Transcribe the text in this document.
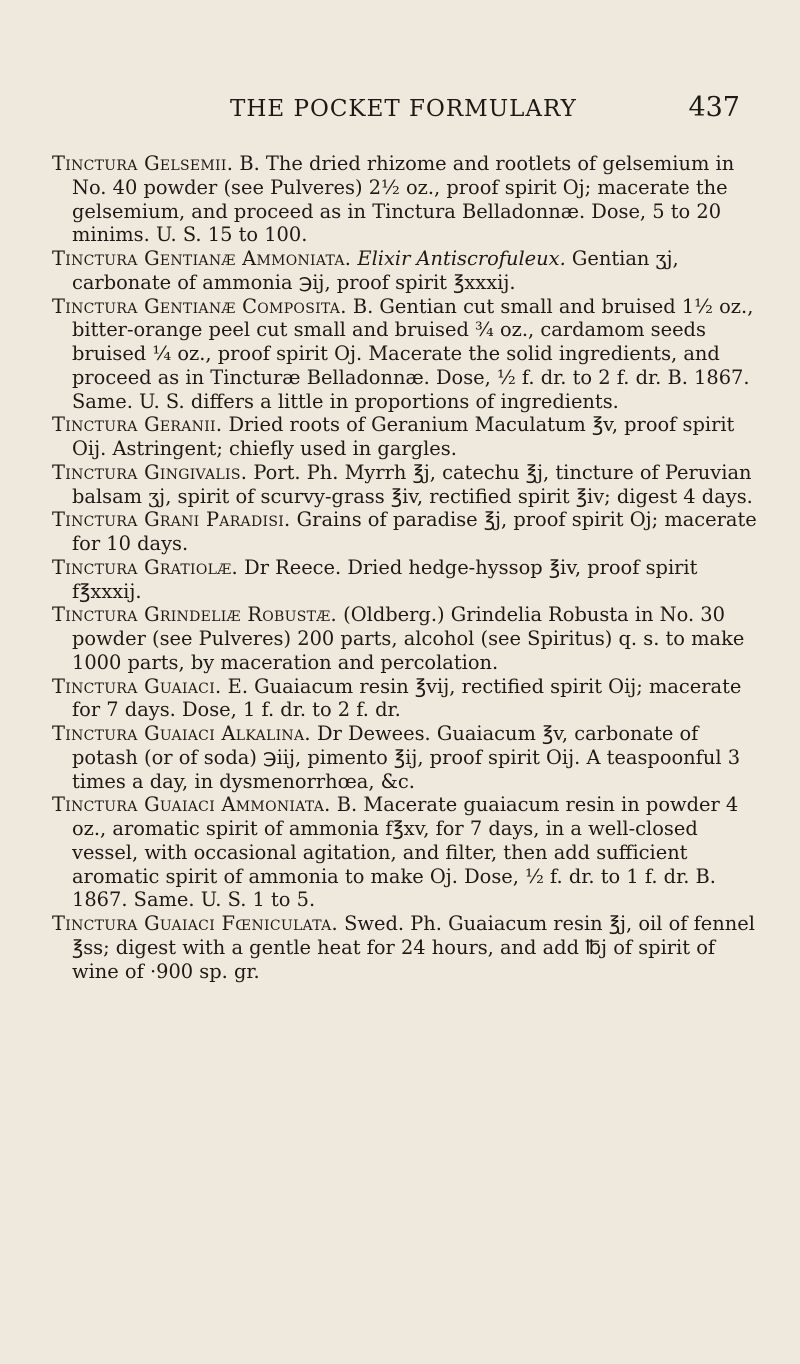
THE POCKET FORMULARY	437

Tinctura Gelsemii. B. The dried rhizome and rootlets of gelsemium in No. 40 powder (see Pulveres) 2½ oz., proof spirit Oj; macerate the gelsemium, and proceed as in Tinctura Belladonnæ. Dose, 5 to 20 minims. U. S. 15 to 100.

Tinctura Gentianæ Ammoniata. Elixir Antiscrofuleux. Gentian ʒj, carbonate of ammonia ℈ij, proof spirit ℥xxxij.

Tinctura Gentianæ Composita. B. Gentian cut small and bruised 1½ oz., bitter-orange peel cut small and bruised ¾ oz., cardamom seeds bruised ¼ oz., proof spirit Oj. Macerate the solid ingredients, and proceed as in Tincturæ Belladonnæ. Dose, ½ f. dr. to 2 f. dr. B. 1867. Same. U. S. differs a little in proportions of ingredients.

Tinctura Geranii. Dried roots of Geranium Maculatum ℥v, proof spirit Oij. Astringent; chiefly used in gargles.

Tinctura Gingivalis. Port. Ph. Myrrh ℥j, catechu ℥j, tincture of Peruvian balsam ʒj, spirit of scurvy-grass ℥iv, rectified spirit ℥iv; digest 4 days.

Tinctura Grani Paradisi. Grains of paradise ℥j, proof spirit Oj; macerate for 10 days.

Tinctura Gratiolæ. Dr Reece. Dried hedge-hyssop ℥iv, proof spirit f℥xxxij.

Tinctura Grindeliæ Robustæ. (Oldberg.) Grindelia Robusta in No. 30 powder (see Pulveres) 200 parts, alcohol (see Spiritus) q. s. to make 1000 parts, by maceration and percolation.

Tinctura Guaiaci. E. Guaiacum resin ℥vij, rectified spirit Oij; macerate for 7 days. Dose, 1 f. dr. to 2 f. dr.

Tinctura Guaiaci Alkalina. Dr Dewees. Guaiacum ℥v, carbonate of potash (or of soda) ℈iij, pimento ℥ij, proof spirit Oij. A teaspoonful 3 times a day, in dysmenorrhœa, &c.

Tinctura Guaiaci Ammoniata. B. Macerate guaiacum resin in powder 4 oz., aromatic spirit of ammonia f℥xv, for 7 days, in a well-closed vessel, with occasional agitation, and filter, then add sufficient aromatic spirit of ammonia to make Oj. Dose, ½ f. dr. to 1 f. dr. B. 1867. Same. U. S. 1 to 5.

Tinctura Guaiaci Fœniculata. Swed. Ph. Guaiacum resin ℥j, oil of fennel ℥ss; digest with a gentle heat for 24 hours, and add ℔j of spirit of wine of ·900 sp. gr.
